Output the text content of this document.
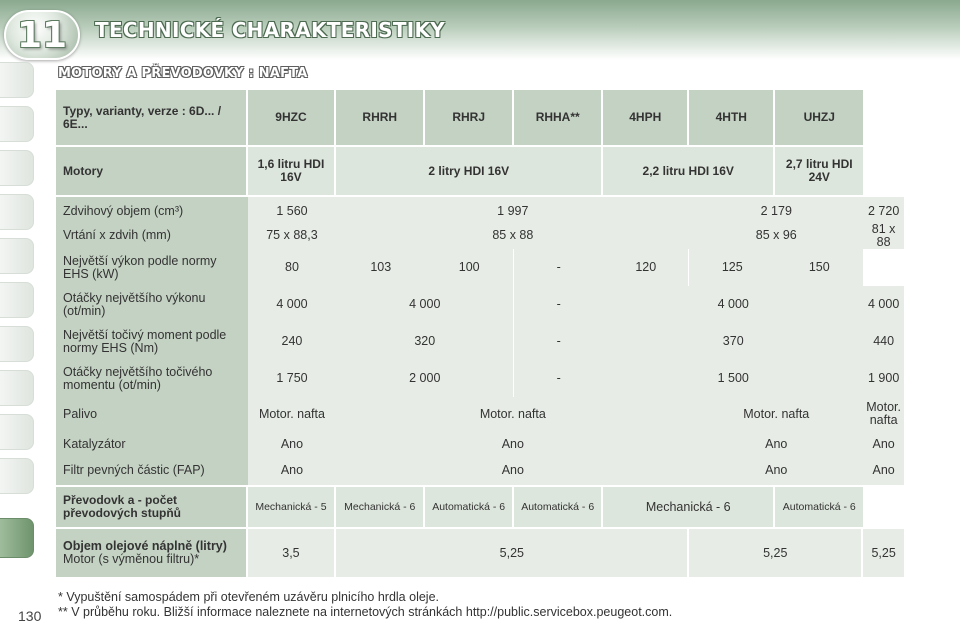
11	TECHNICKÉ CHARAKTERISTIKY
MOTORY A PŘEVODOVKY : NAFTA
Typy, varianty, verze : 6D... / 6E...	9HZC	RHRH	RHRJ	RHHA**	4HPH	4HTH	UHZJ	
Motory	1,6 litru HDI 16V	2 litry HDI 16V			2,2 litru HDI 16V		2,7 litru HDI 24V	
Zdvihový objem (cm³)	1 560	1 997				2 179		2 720
Vrtání x zdvih (mm)	75 x 88,3	85 x 88				85 x 96		81 x 88
Největší výkon podle normy EHS (kW)	80	103	100	-	120	125	150	
Otáčky největšího výkonu (ot/min)	4 000	4 000		-	4 000			4 000
Největší točivý moment podle normy EHS (Nm)	240	320		-	370			440
Otáčky největšího točivého momentu (ot/min)	1 750	2 000		-	1 500			1 900
Palivo	Motor. nafta	Motor. nafta				Motor. nafta		Motor. nafta
Katalyzátor	Ano	Ano				Ano		Ano
Filtr pevných částic (FAP)	Ano	Ano				Ano		Ano
Převodovk a - počet převodových stupňů	Mechanická - 5	Mechanická - 6	Automatická - 6	Automatická - 6	Mechanická - 6		Automatická - 6	

Objem olejové náplně (litry)
Motor (s výměnou filtru)*	3,5	5,25				5,25		5,25
* Vypuštění samospádem při otevřeném uzávěru plnicího hrdla oleje.
** V průběhu roku. Bližší informace naleznete na internetových stránkách http://public.servicebox.peugeot.com.
130
